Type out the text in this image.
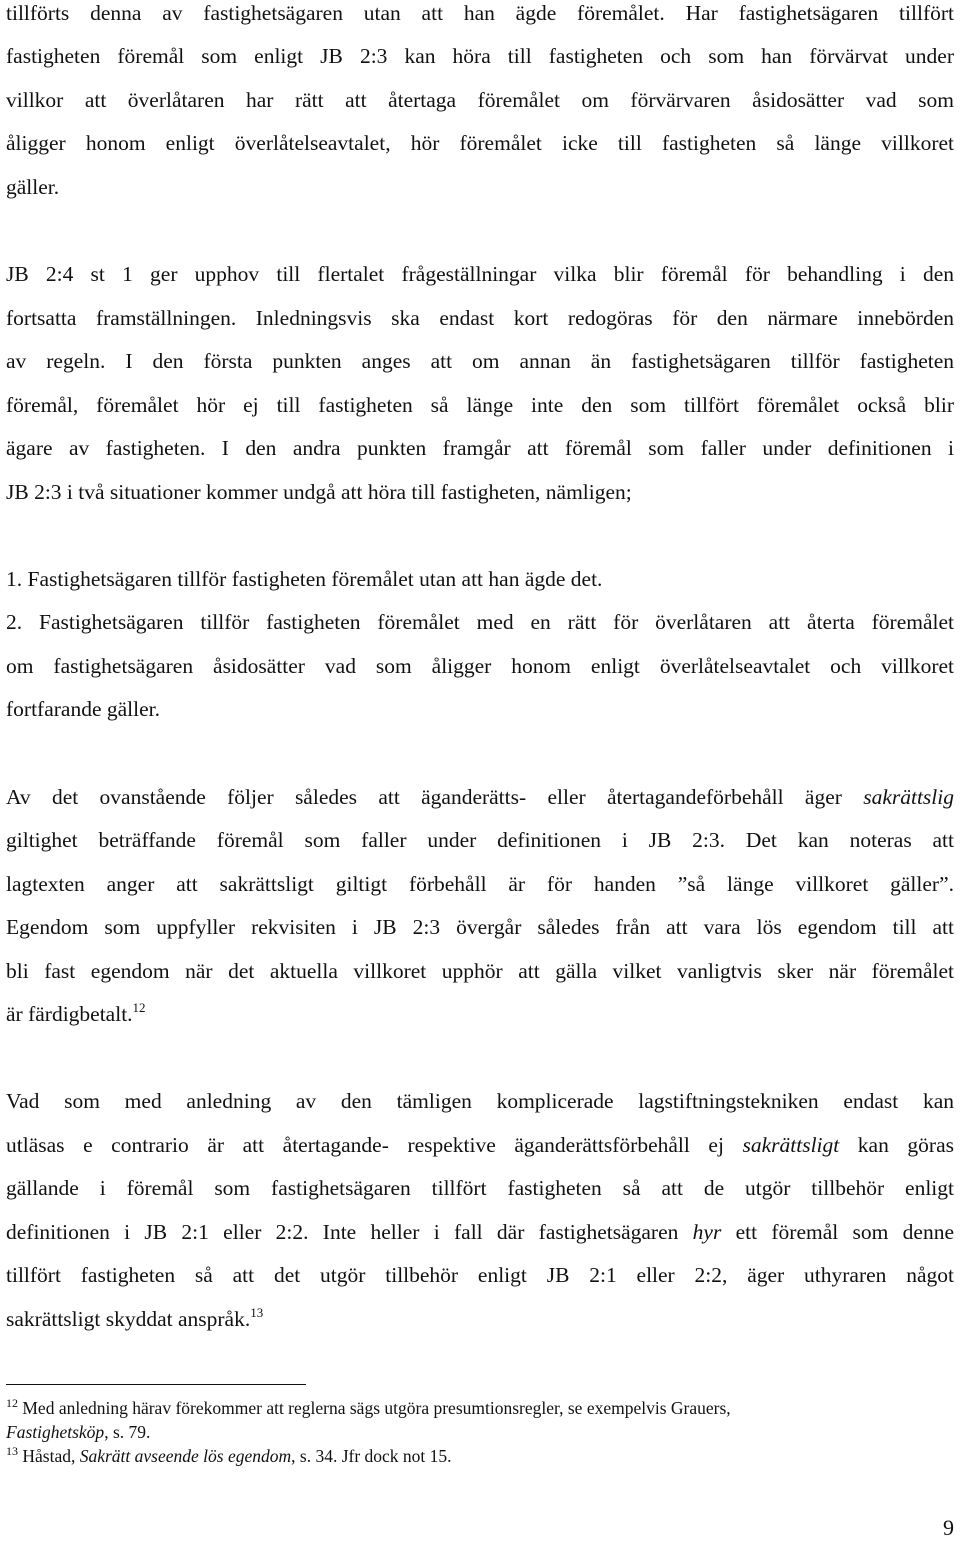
tillförts denna av fastighetsägaren utan att han ägde föremålet. Har fastighetsägaren tillfört
fastigheten föremål som enligt JB 2:3 kan höra till fastigheten och som han förvärvat under
villkor att överlåtaren har rätt att återtaga föremålet om förvärvaren åsidosätter vad som
åligger honom enligt överlåtelseavtalet, hör föremålet icke till fastigheten så länge villkoret
gäller.
JB 2:4 st 1 ger upphov till flertalet frågeställningar vilka blir föremål för behandling i den
fortsatta framställningen. Inledningsvis ska endast kort redogöras för den närmare innebörden
av regeln. I den första punkten anges att om annan än fastighetsägaren tillför fastigheten
föremål, föremålet hör ej till fastigheten så länge inte den som tillfört föremålet också blir
ägare av fastigheten. I den andra punkten framgår att föremål som faller under definitionen i
JB 2:3 i två situationer kommer undgå att höra till fastigheten, nämligen;
1. Fastighetsägaren tillför fastigheten föremålet utan att han ägde det.
2. Fastighetsägaren tillför fastigheten föremålet med en rätt för överlåtaren att återta föremålet
om fastighetsägaren åsidosätter vad som åligger honom enligt överlåtelseavtalet och villkoret
fortfarande gäller.
Av det ovanstående följer således att äganderätts- eller återtagandeförbehåll äger sakrättslig
giltighet beträffande föremål som faller under definitionen i JB 2:3. Det kan noteras att
lagtexten anger att sakrättsligt giltigt förbehåll är för handen ”så länge villkoret gäller”.
Egendom som uppfyller rekvisiten i JB 2:3 övergår således från att vara lös egendom till att
bli fast egendom när det aktuella villkoret upphör att gälla vilket vanligtvis sker när föremålet
är färdigbetalt.$^{12}$
Vad som med anledning av den tämligen komplicerade lagstiftningstekniken endast kan
utläsas e contrario är att återtagande- respektive äganderättsförbehåll ej sakrättsligt kan göras
gällande i föremål som fastighetsägaren tillfört fastigheten så att de utgör tillbehör enligt
definitionen i JB 2:1 eller 2:2. Inte heller i fall där fastighetsägaren hyr ett föremål som denne
tillfört fastigheten så att det utgör tillbehör enligt JB 2:1 eller 2:2, äger uthyraren något
sakrättsligt skyddat anspråk.$^{13}$
$^{12}$ Med anledning härav förekommer att reglerna sägs utgöra presumtionsregler, se exempelvis Grauers,
Fastighetsköp, s. 79.
$^{13}$ Håstad, Sakrätt avseende lös egendom, s. 34. Jfr dock not 15.
9
